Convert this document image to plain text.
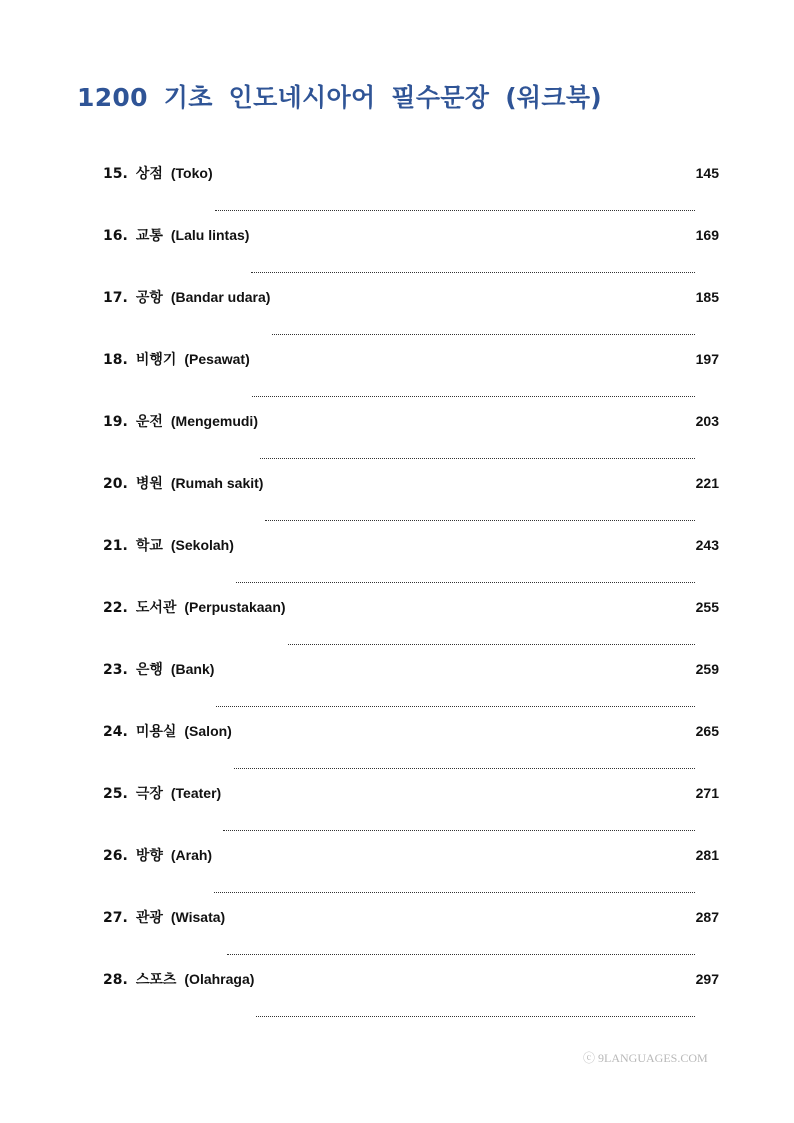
1200 기초 인도네시아어 필수문장 (워크북)
15. 상점 (Toko)	145
16. 교통 (Lalu lintas)	169
17. 공항 (Bandar udara)	185
18. 비행기 (Pesawat)	197
19. 운전 (Mengemudi)	203
20. 병원 (Rumah sakit)	221
21. 학교 (Sekolah)	243
22. 도서관 (Perpustakaan)	255
23. 은행 (Bank)	259
24. 미용실 (Salon)	265
25. 극장 (Teater)	271
26. 방향 (Arah)	281
27. 관광 (Wisata)	287
28. 스포츠 (Olahraga)	297
ⓒ 9LANGUAGES.COM
